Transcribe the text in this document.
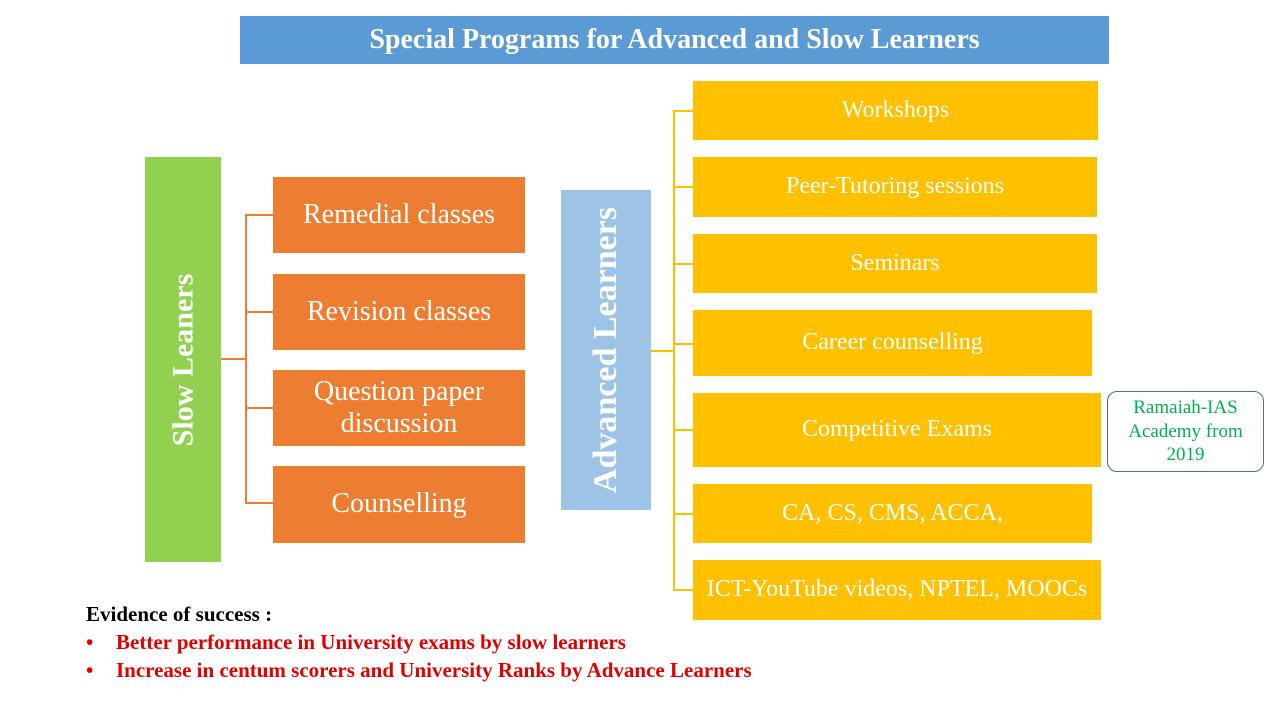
Special Programs for Advanced and Slow Learners
Slow Leaners
Remedial classes
Revision classes
Question paper discussion
Counselling
Advanced Learners
Workshops
Peer-Tutoring sessions
Seminars
Career counselling
Competitive Exams
CA, CS, CMS, ACCA,
ICT-YouTube videos, NPTEL, MOOCs
Ramaiah-IAS Academy from 2019
Evidence of success :
•	Better performance in University exams by slow learners
•	Increase in centum scorers and University Ranks by Advance Learners
